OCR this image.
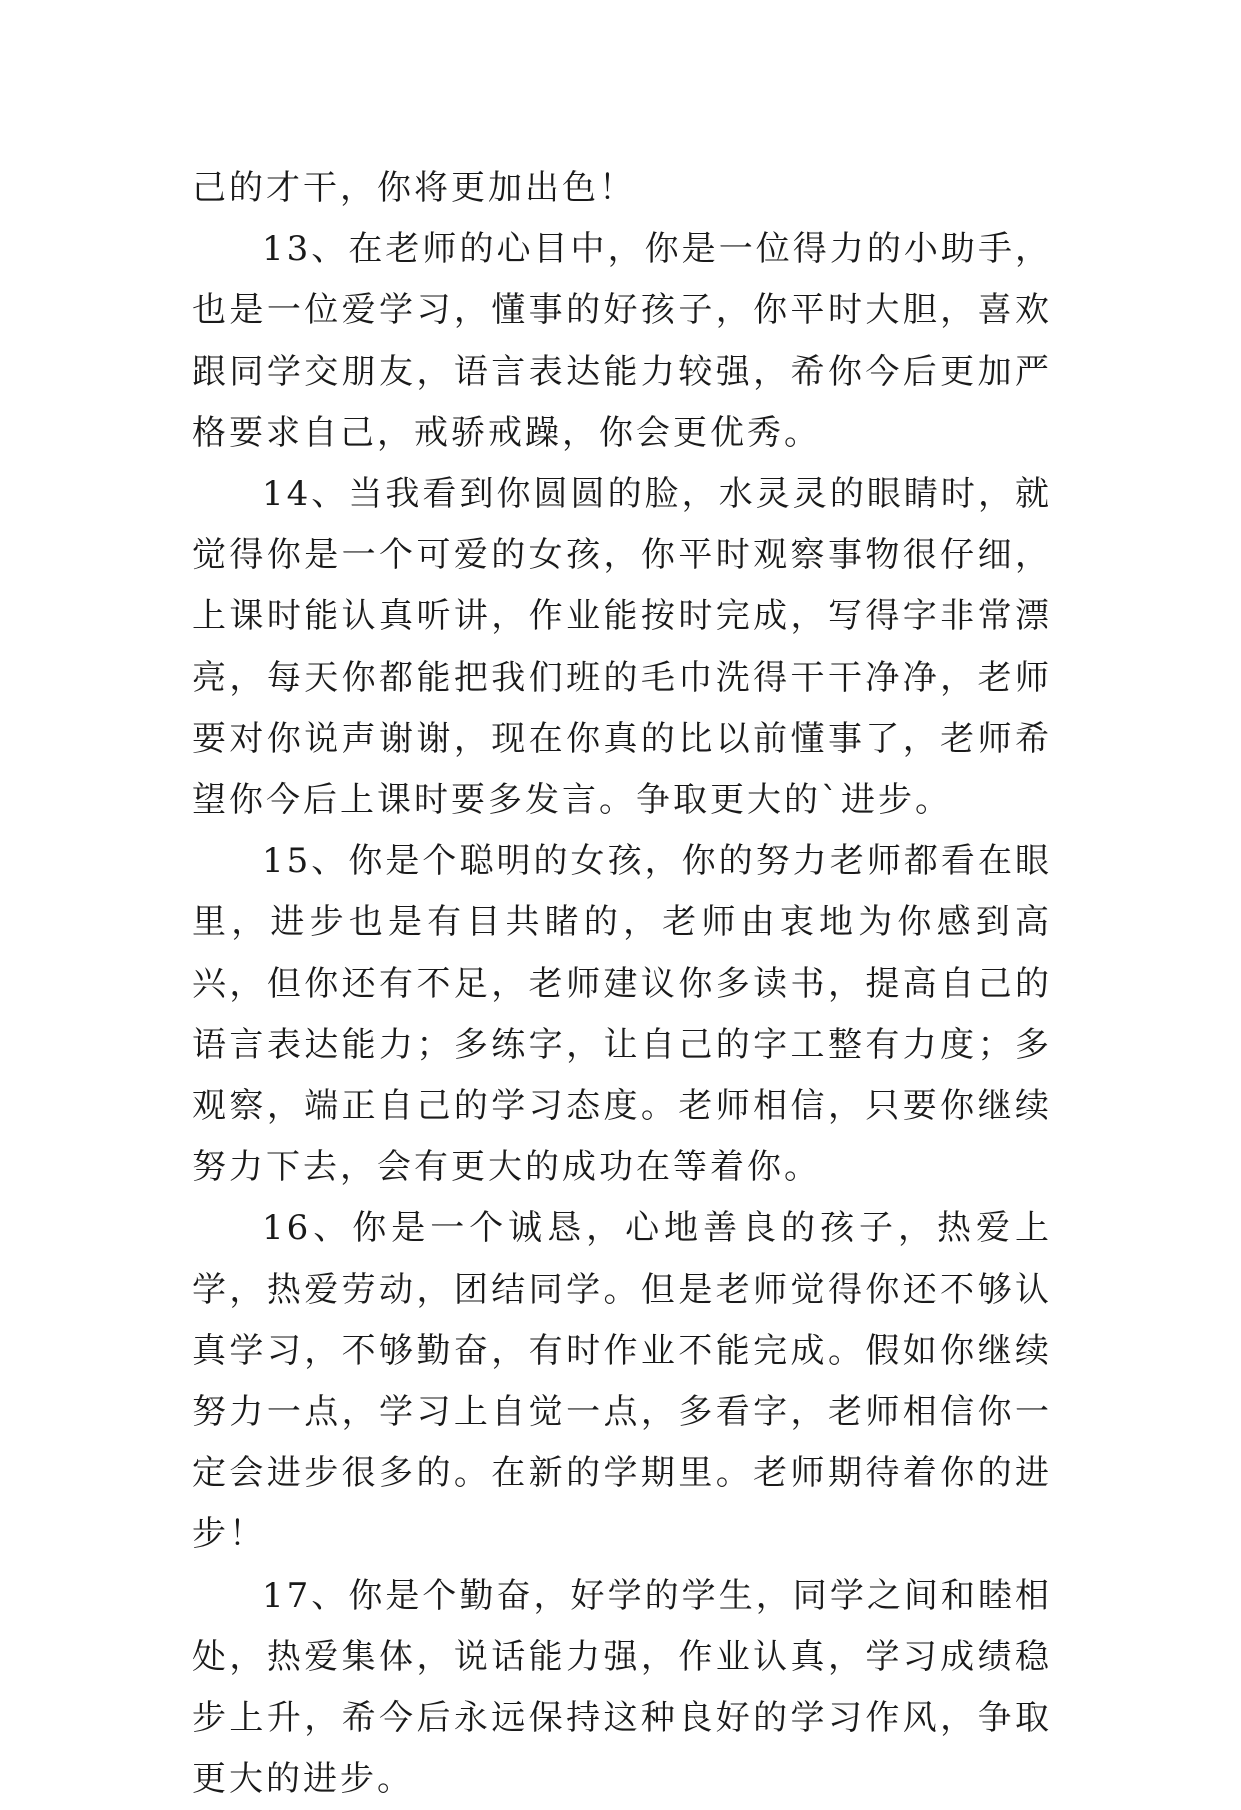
己的才干，你将更加出色！

13、在老师的心目中，你是一位得力的小助手，也是一位爱学习，懂事的好孩子，你平时大胆，喜欢跟同学交朋友，语言表达能力较强，希你今后更加严格要求自己，戒骄戒躁，你会更优秀。

14、当我看到你圆圆的脸，水灵灵的眼睛时，就觉得你是一个可爱的女孩，你平时观察事物很仔细，上课时能认真听讲，作业能按时完成，写得字非常漂亮，每天你都能把我们班的毛巾洗得干干净净，老师要对你说声谢谢，现在你真的比以前懂事了，老师希望你今后上课时要多发言。争取更大的`进步。

15、你是个聪明的女孩，你的努力老师都看在眼里，进步也是有目共睹的，老师由衷地为你感到高兴，但你还有不足，老师建议你多读书，提高自己的语言表达能力；多练字，让自己的字工整有力度；多观察，端正自己的学习态度。老师相信，只要你继续努力下去，会有更大的成功在等着你。

16、你是一个诚恳，心地善良的孩子，热爱上学，热爱劳动，团结同学。但是老师觉得你还不够认真学习，不够勤奋，有时作业不能完成。假如你继续努力一点，学习上自觉一点，多看字，老师相信你一定会进步很多的。在新的学期里。老师期待着你的进步！

17、你是个勤奋，好学的学生，同学之间和睦相处，热爱集体，说话能力强，作业认真，学习成绩稳步上升，希今后永远保持这种良好的学习作风，争取更大的进步。
